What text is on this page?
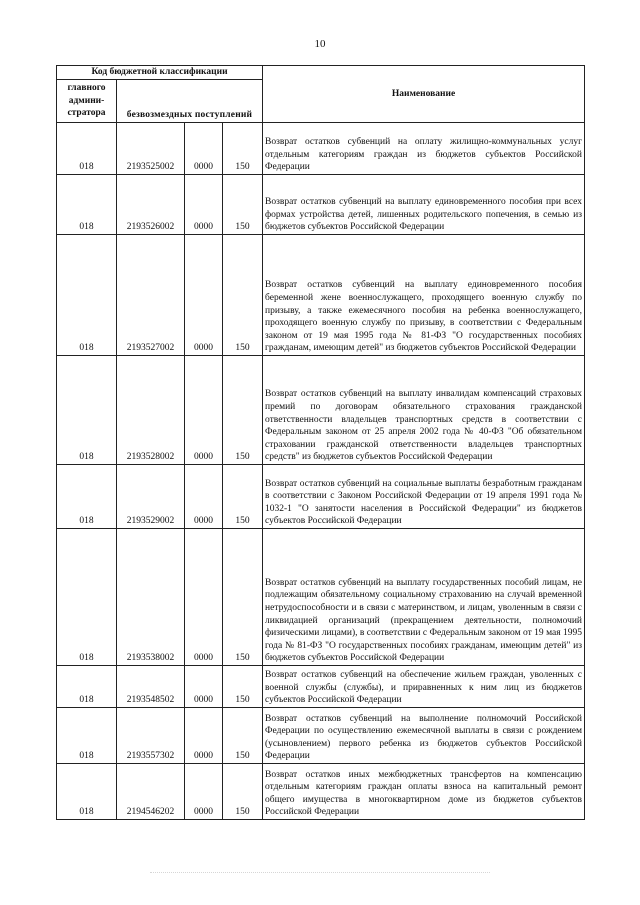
10
Код бюджетной классификации				Наименование
главного админи-стратора	безвозмездных поступлений			
018	2193525002	0000	150	Возврат остатков субвенций на оплату жилищно-коммунальных услуг отдельным категориям граждан из бюджетов субъектов Российской Федерации
018	2193526002	0000	150	Возврат остатков субвенций на выплату единовременного пособия при всех формах устройства детей, лишенных родительского попечения, в семью из бюджетов субъектов Российской Федерации
018	2193527002	0000	150	Возврат остатков субвенций на выплату единовременного пособия беременной жене военнослужащего, проходящего военную службу по призыву, а также ежемесячного пособия на ребенка военнослужащего, проходящего военную службу по призыву, в соответствии с Федеральным законом от 19 мая 1995 года № 81-ФЗ "О государственных пособиях гражданам, имеющим детей" из бюджетов субъектов Российской Федерации
018	2193528002	0000	150	Возврат остатков субвенций на выплату инвалидам компенсаций страховых премий по договорам обязательного страхования гражданской ответственности владельцев транспортных средств в соответствии с Федеральным законом от 25 апреля 2002 года № 40-ФЗ "Об обязательном страховании гражданской ответственности владельцев транспортных средств" из бюджетов субъектов Российской Федерации
018	2193529002	0000	150	Возврат остатков субвенций на социальные выплаты безработным гражданам в соответствии с Законом Российской Федерации от 19 апреля 1991 года № 1032-1 "О занятости населения в Российской Федерации" из бюджетов субъектов Российской Федерации
018	2193538002	0000	150	Возврат остатков субвенций на выплату государственных пособий лицам, не подлежащим обязательному социальному страхованию на случай временной нетрудоспособности и в связи с материнством, и лицам, уволенным в связи с ликвидацией организаций (прекращением деятельности, полномочий физическими лицами), в соответствии с Федеральным законом от 19 мая 1995 года № 81-ФЗ "О государственных пособиях гражданам, имеющим детей" из бюджетов субъектов Российской Федерации
018	2193548502	0000	150	Возврат остатков субвенций на обеспечение жильем граждан, уволенных с военной службы (службы), и приравненных к ним лиц из бюджетов субъектов Российской Федерации
018	2193557302	0000	150	Возврат остатков субвенций на выполнение полномочий Российской Федерации по осуществлению ежемесячной выплаты в связи с рождением (усыновлением) первого ребенка из бюджетов субъектов Российской Федерации
018	2194546202	0000	150	Возврат остатков иных межбюджетных трансфертов на компенсацию отдельным категориям граждан оплаты взноса на капитальный ремонт общего имущества в многоквартирном доме из бюджетов субъектов Российской Федерации
